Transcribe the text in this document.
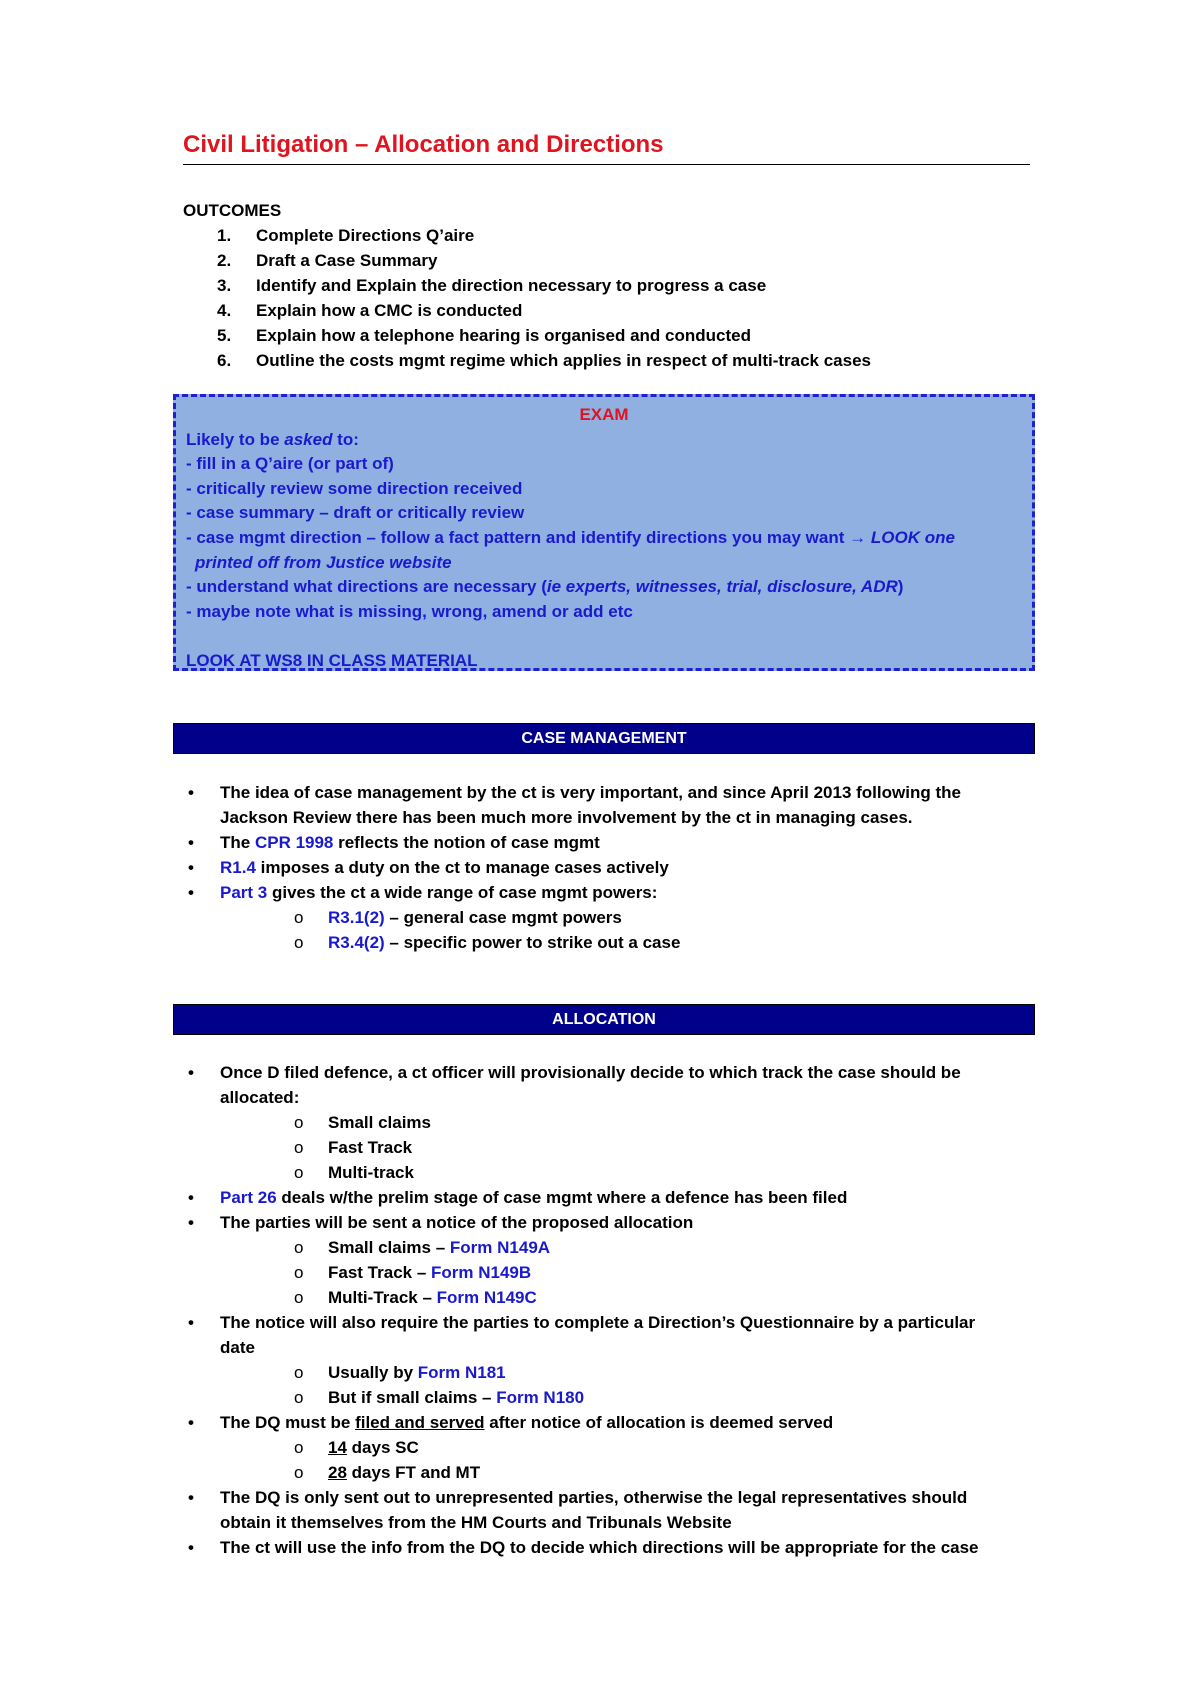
Civil Litigation – Allocation and Directions
OUTCOMES
1. Complete Directions Q’aire
2. Draft a Case Summary
3. Identify and Explain the direction necessary to progress a case
4. Explain how a CMC is conducted
5. Explain how a telephone hearing is organised and conducted
6. Outline the costs mgmt regime which applies in respect of multi-track cases
EXAM
Likely to be asked to:
- fill in a Q’aire (or part of)
- critically review some direction received
- case summary – draft or critically review
- case mgmt direction – follow a fact pattern and identify directions you may want → LOOK one
printed off from Justice website
- understand what directions are necessary (ie experts, witnesses, trial, disclosure, ADR)
- maybe note what is missing, wrong, amend or add etc
LOOK AT WS8 IN CLASS MATERIAL
CASE MANAGEMENT
• The idea of case management by the ct is very important, and since April 2013 following the Jackson Review there has been much more involvement by the ct in managing cases.
• The CPR 1998 reflects the notion of case mgmt
• R1.4 imposes a duty on the ct to manage cases actively
• Part 3 gives the ct a wide range of case mgmt powers:
o R3.1(2) – general case mgmt powers
o R3.4(2) – specific power to strike out a case
ALLOCATION
• Once D filed defence, a ct officer will provisionally decide to which track the case should be allocated:
o Small claims
o Fast Track
o Multi-track
• Part 26 deals w/the prelim stage of case mgmt where a defence has been filed
• The parties will be sent a notice of the proposed allocation
o Small claims – Form N149A
o Fast Track – Form N149B
o Multi-Track – Form N149C
• The notice will also require the parties to complete a Direction’s Questionnaire by a particular date
o Usually by Form N181
o But if small claims – Form N180
• The DQ must be filed and served after notice of allocation is deemed served
o 14 days SC
o 28 days FT and MT
• The DQ is only sent out to unrepresented parties, otherwise the legal representatives should obtain it themselves from the HM Courts and Tribunals Website
• The ct will use the info from the DQ to decide which directions will be appropriate for the case
